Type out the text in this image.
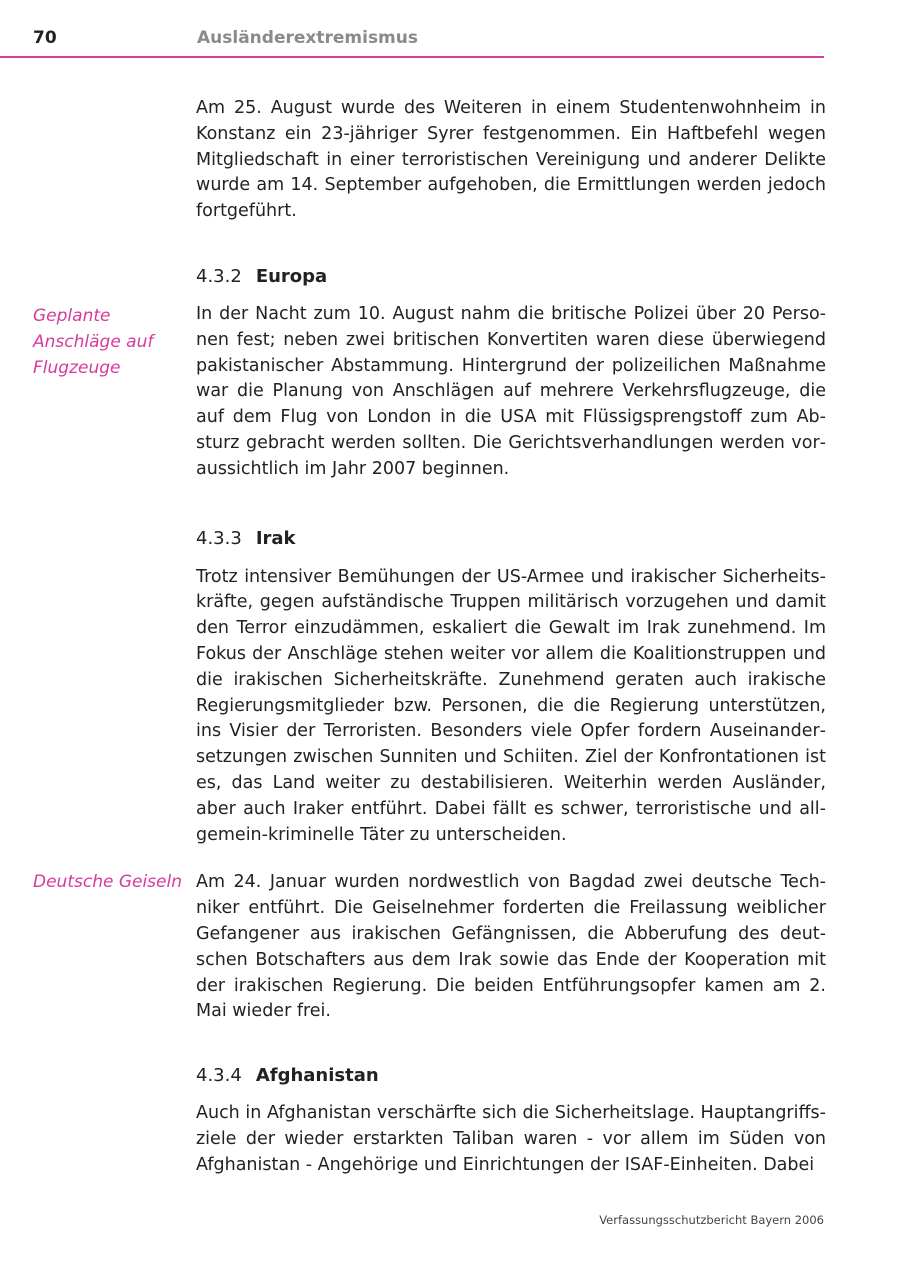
70	Ausländerextremismus
Geplante Anschläge auf Flugzeuge
Deutsche Geiseln

Am 25. August wurde des Weiteren in einem Studentenwohnheim in Konstanz ein 23-jähriger Syrer festgenommen. Ein Haftbefehl wegen Mitgliedschaft in einer terroristischen Vereinigung und anderer Delikte wurde am 14. September aufgehoben, die Ermittlungen werden jedoch fortgeführt.

4.3.2 Europa

In der Nacht zum 10. August nahm die britische Polizei über 20 Personen fest; neben zwei britischen Konvertiten waren diese überwiegend pakistanischer Abstammung. Hintergrund der polizeilichen Maßnahme war die Planung von Anschlägen auf mehrere Verkehrsflugzeuge, die auf dem Flug von London in die USA mit Flüssigsprengstoff zum Absturz gebracht werden sollten. Die Gerichtsverhandlungen werden voraussichtlich im Jahr 2007 beginnen.

4.3.3 Irak

Trotz intensiver Bemühungen der US-Armee und irakischer Sicherheitskräfte, gegen aufständische Truppen militärisch vorzugehen und damit den Terror einzudämmen, eskaliert die Gewalt im Irak zunehmend. Im Fokus der Anschläge stehen weiter vor allem die Koalitionstruppen und die irakischen Sicherheitskräfte. Zunehmend geraten auch irakische Regierungsmitglieder bzw. Personen, die die Regierung unterstützen, ins Visier der Terroristen. Besonders viele Opfer fordern Auseinandersetzungen zwischen Sunniten und Schiiten. Ziel der Konfrontationen ist es, das Land weiter zu destabilisieren. Weiterhin werden Ausländer, aber auch Iraker entführt. Dabei fällt es schwer, terroristische und allgemein-kriminelle Täter zu unterscheiden.

Am 24. Januar wurden nordwestlich von Bagdad zwei deutsche Techniker entführt. Die Geiselnehmer forderten die Freilassung weiblicher Gefangener aus irakischen Gefängnissen, die Abberufung des deutschen Botschafters aus dem Irak sowie das Ende der Kooperation mit der irakischen Regierung. Die beiden Entführungsopfer kamen am 2. Mai wieder frei.

4.3.4 Afghanistan

Auch in Afghanistan verschärfte sich die Sicherheitslage. Hauptangriffsziele der wieder erstarkten Taliban waren - vor allem im Süden von Afghanistan - Angehörige und Einrichtungen der ISAF-Einheiten. Dabei

Verfassungsschutzbericht Bayern 2006
